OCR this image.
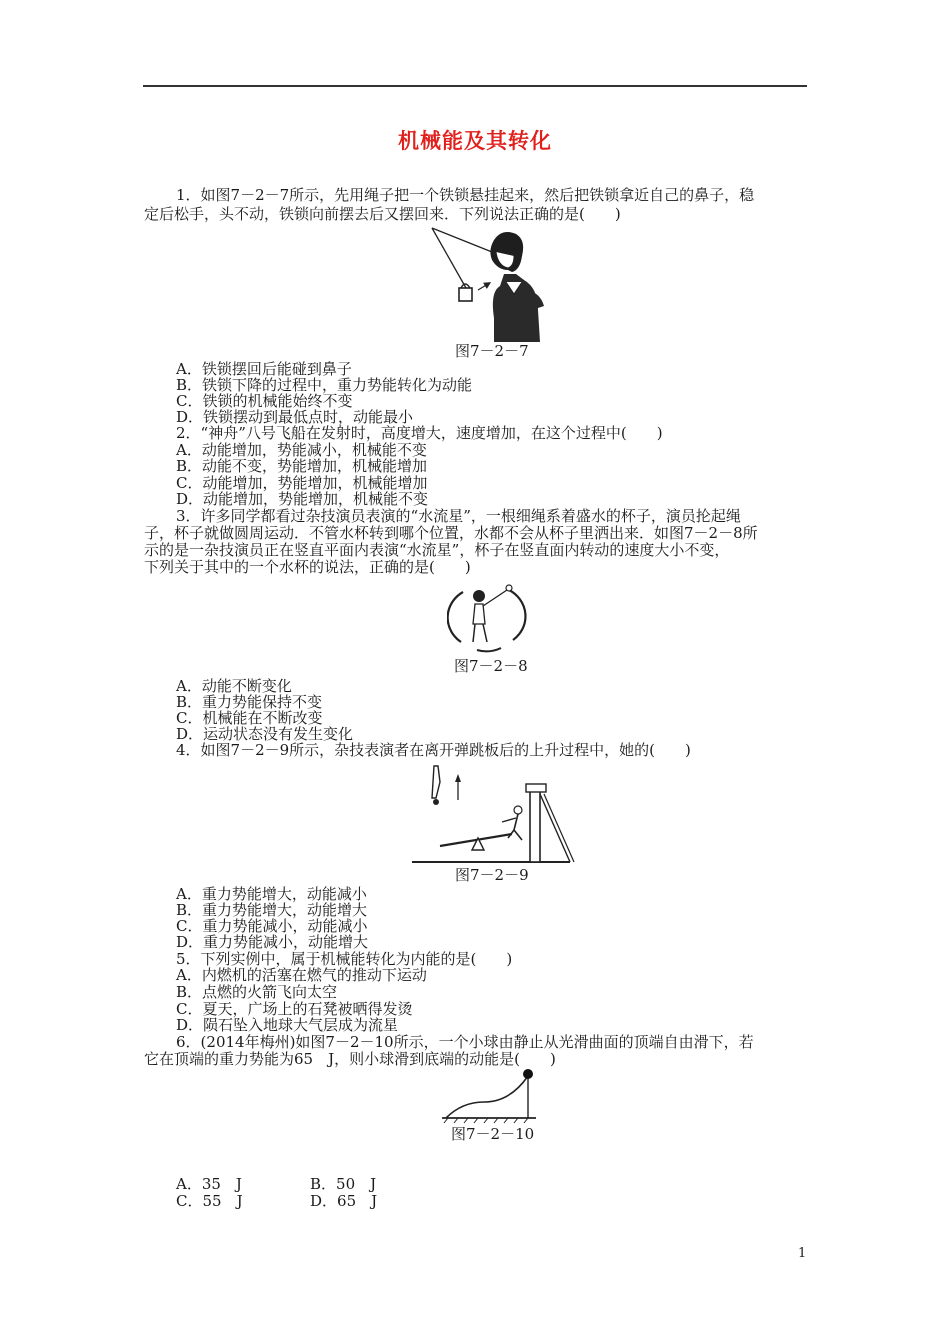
机械能及其转化
1．如图7－2－7所示，先用绳子把一个铁锁悬挂起来，然后把铁锁拿近自己的鼻子，稳
定后松手，头不动，铁锁向前摆去后又摆回来．下列说法正确的是(　　)
图7－2－7
A．铁锁摆回后能碰到鼻子
B．铁锁下降的过程中，重力势能转化为动能
C．铁锁的机械能始终不变
D．铁锁摆动到最低点时，动能最小
2．“神舟”八号飞船在发射时，高度增大，速度增加，在这个过程中(　　)
A．动能增加，势能减小，机械能不变
B．动能不变，势能增加，机械能增加
C．动能增加，势能增加，机械能增加
D．动能增加，势能增加，机械能不变
3．许多同学都看过杂技演员表演的“水流星”，一根细绳系着盛水的杯子，演员抡起绳
子，杯子就做圆周运动．不管水杯转到哪个位置，水都不会从杯子里洒出来．如图7－2－8所
示的是一杂技演员正在竖直平面内表演“水流星”，杯子在竖直面内转动的速度大小不变，
下列关于其中的一个水杯的说法，正确的是(　　)
图7－2－8
A．动能不断变化
B．重力势能保持不变
C．机械能在不断改变
D．运动状态没有发生变化
4．如图7－2－9所示，杂技表演者在离开弹跳板后的上升过程中，她的(　　)
图7－2－9
A．重力势能增大，动能减小
B．重力势能增大，动能增大
C．重力势能减小，动能减小
D．重力势能减小，动能增大
5．下列实例中，属于机械能转化为内能的是(　　)
A．内燃机的活塞在燃气的推动下运动
B．点燃的火箭飞向太空
C．夏天，广场上的石凳被晒得发烫
D．陨石坠入地球大气层成为流星
6．(2014年梅州)如图7－2－10所示，一个小球由静止从光滑曲面的顶端自由滑下，若
它在顶端的重力势能为65　J，则小球滑到底端的动能是(　　)
图7－2－10
A．35　J	B．50　J
C．55　J	D．65　J
1
